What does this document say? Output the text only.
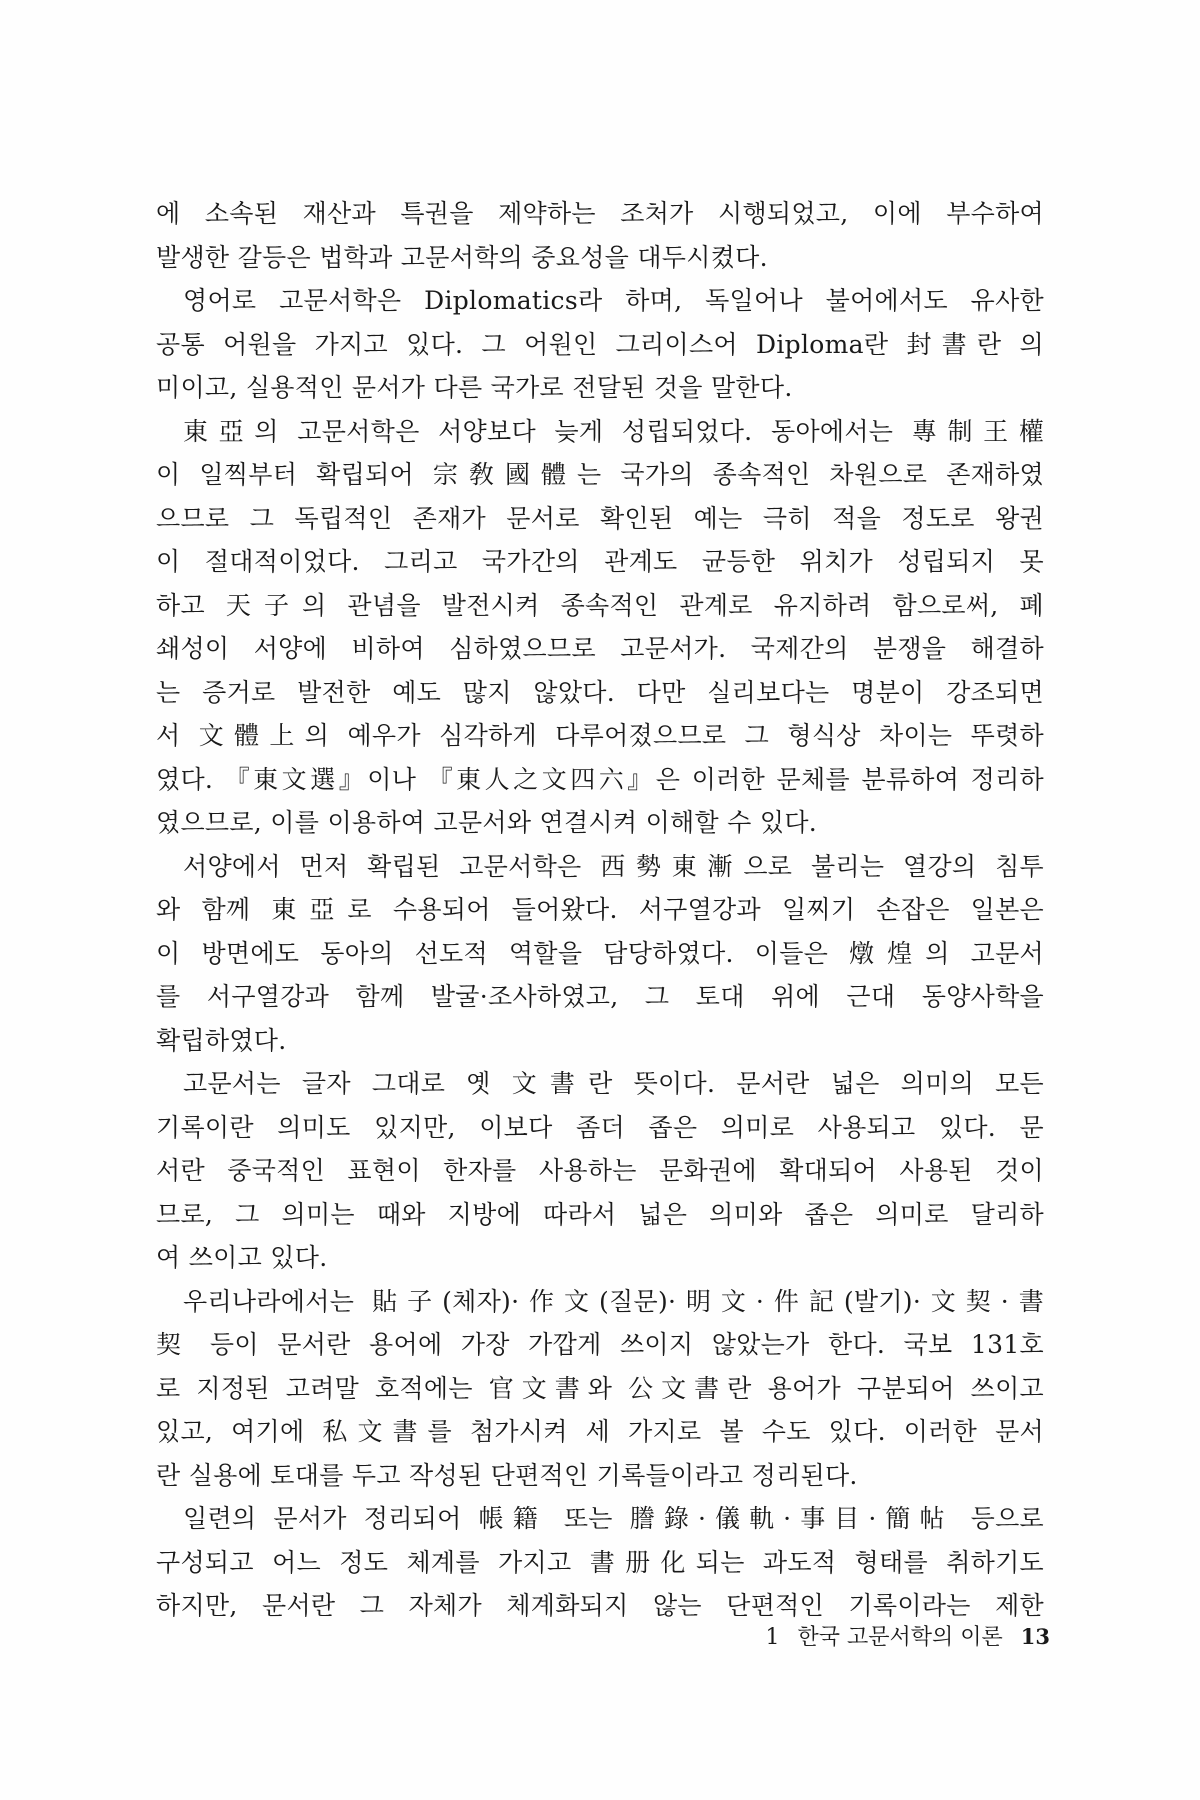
에 소속된 재산과 특권을 제약하는 조처가 시행되었고, 이에 부수하여
발생한 갈등은 법학과 고문서학의 중요성을 대두시켰다.
영어로 고문서학은 Diplomatics라 하며, 독일어나 불어에서도 유사한
공통 어원을 가지고 있다. 그 어원인 그리이스어 Diploma란 封書란 의
미이고, 실용적인 문서가 다른 국가로 전달된 것을 말한다.
東亞의 고문서학은 서양보다 늦게 성립되었다. 동아에서는 專制王權
이 일찍부터 확립되어 宗敎國體는 국가의 종속적인 차원으로 존재하였
으므로 그 독립적인 존재가 문서로 확인된 예는 극히 적을 정도로 왕권
이 절대적이었다. 그리고 국가간의 관계도 균등한 위치가 성립되지 못
하고 天子의 관념을 발전시켜 종속적인 관계로 유지하려 함으로써, 폐
쇄성이 서양에 비하여 심하였으므로 고문서가. 국제간의 분쟁을 해결하
는 증거로 발전한 예도 많지 않았다. 다만 실리보다는 명분이 강조되면
서 文體上의 예우가 심각하게 다루어졌으므로 그 형식상 차이는 뚜렷하
였다. 『東文選』이나 『東人之文四六』은 이러한 문체를 분류하여 정리하
였으므로, 이를 이용하여 고문서와 연결시켜 이해할 수 있다.
서양에서 먼저 확립된 고문서학은 西勢東漸으로 불리는 열강의 침투
와 함께 東亞로 수용되어 들어왔다. 서구열강과 일찌기 손잡은 일본은
이 방면에도 동아의 선도적 역할을 담당하였다. 이들은 燉煌의 고문서
를 서구열강과 함께 발굴·조사하였고, 그 토대 위에 근대 동양사학을
확립하였다.
고문서는 글자 그대로 옛 文書란 뜻이다. 문서란 넓은 의미의 모든
기록이란 의미도 있지만, 이보다 좀더 좁은 의미로 사용되고 있다. 문
서란 중국적인 표현이 한자를 사용하는 문화권에 확대되어 사용된 것이
므로, 그 의미는 때와 지방에 따라서 넓은 의미와 좁은 의미로 달리하
여 쓰이고 있다.
우리나라에서는 貼子(체자)·作文(질문)·明文·件記(발기)·文契·書
契 등이 문서란 용어에 가장 가깝게 쓰이지 않았는가 한다. 국보 131호
로 지정된 고려말 호적에는 官文書와 公文書란 용어가 구분되어 쓰이고
있고, 여기에 私文書를 첨가시켜 세 가지로 볼 수도 있다. 이러한 문서
란 실용에 토대를 두고 작성된 단편적인 기록들이라고 정리된다.
일련의 문서가 정리되어 帳籍 또는 謄錄·儀軌·事目·簡帖 등으로
구성되고 어느 정도 체계를 가지고 書册化되는 과도적 형태를 취하기도
하지만, 문서란 그 자체가 체계화되지 않는 단편적인 기록이라는 제한
1 한국 고문서학의 이론 13
